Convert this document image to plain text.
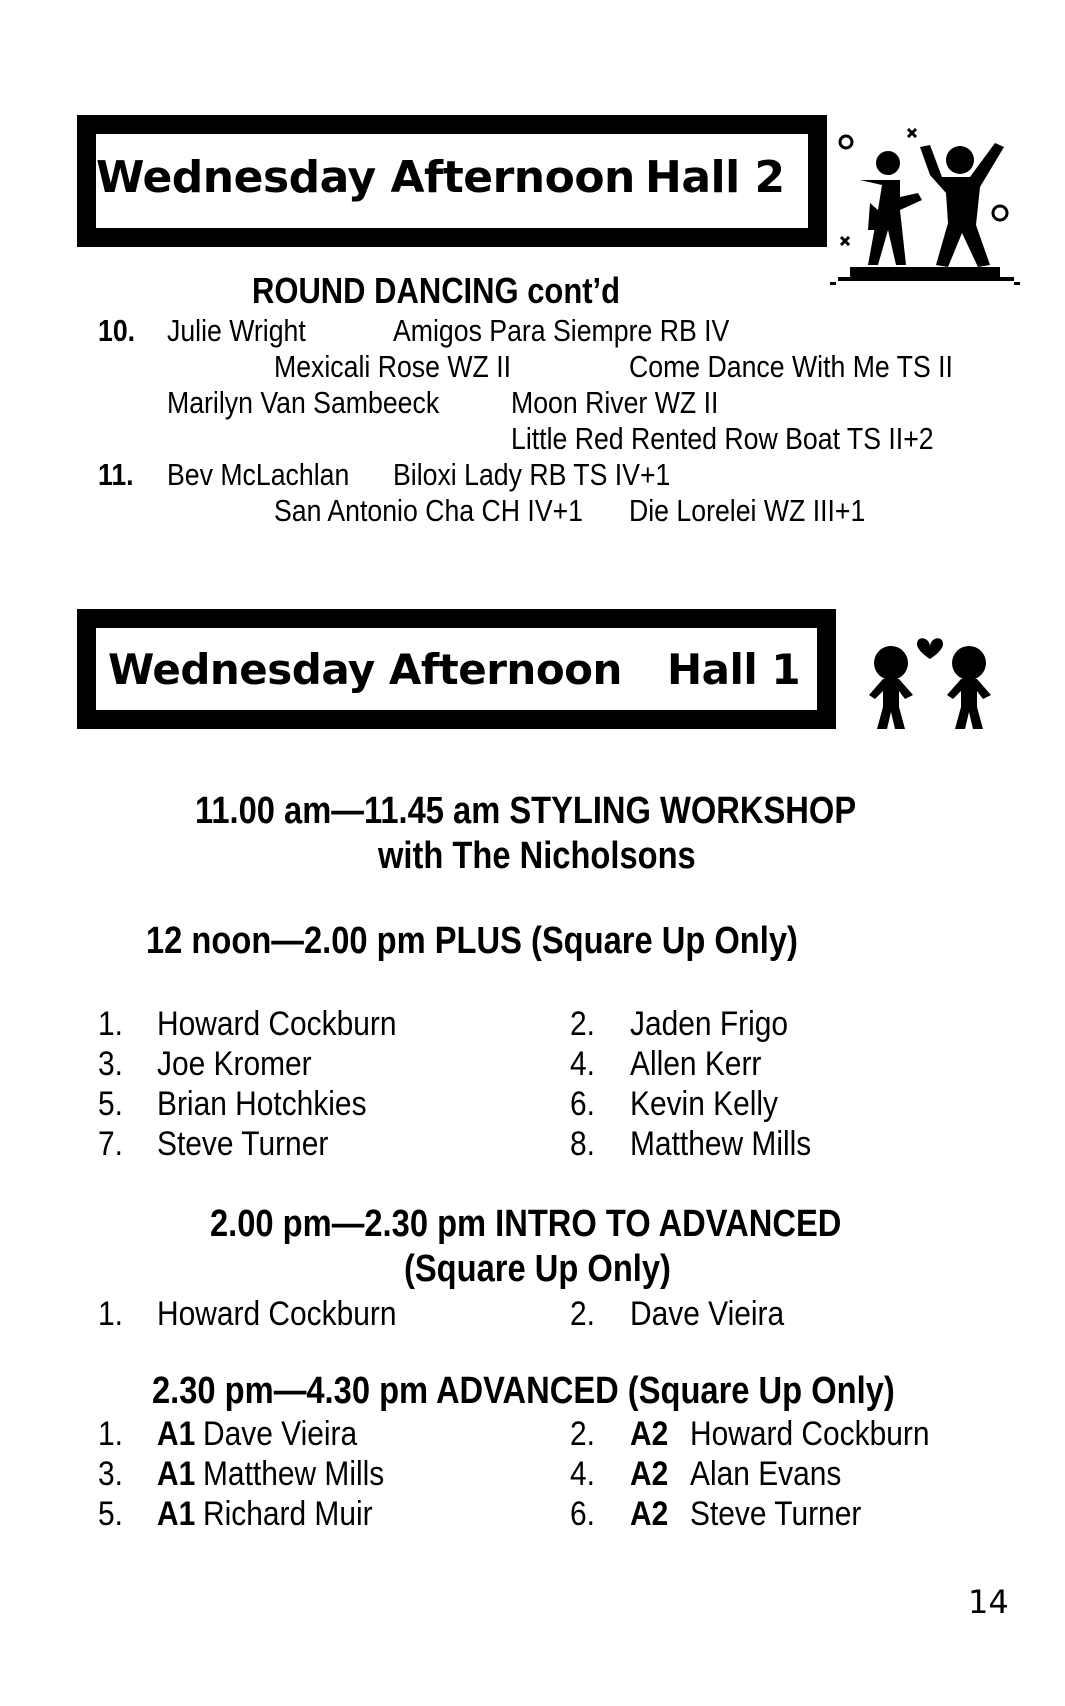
Wednesday Afternoon Hall 2
ROUND DANCING cont’d
10. Julie Wright	Amigos Para Siempre RB IV
Mexicali Rose WZ II	Come Dance With Me TS II
Marilyn Van Sambeeck Moon River WZ II
Little Red Rented Row Boat TS II+2
11. Bev McLachlan Biloxi Lady RB TS IV+1
San Antonio Cha CH IV+1 Die Lorelei WZ III+1
Wednesday Afternoon Hall 1
11.00 am—11.45 am STYLING WORKSHOP
with The Nicholsons
12 noon—2.00 pm PLUS (Square Up Only)
1. Howard Cockburn	2. Jaden Frigo
3. Joe Kromer	4. Allen Kerr
5. Brian Hotchkies	6. Kevin Kelly
7. Steve Turner	8. Matthew Mills
2.00 pm—2.30 pm INTRO TO ADVANCED
(Square Up Only)
1. Howard Cockburn	2. Dave Vieira
2.30 pm—4.30 pm ADVANCED (Square Up Only)
1. A1 Dave Vieira	2. A2 Howard Cockburn
3. A1 Matthew Mills	4. A2 Alan Evans
5. A1 Richard Muir	6. A2 Steve Turner
14
